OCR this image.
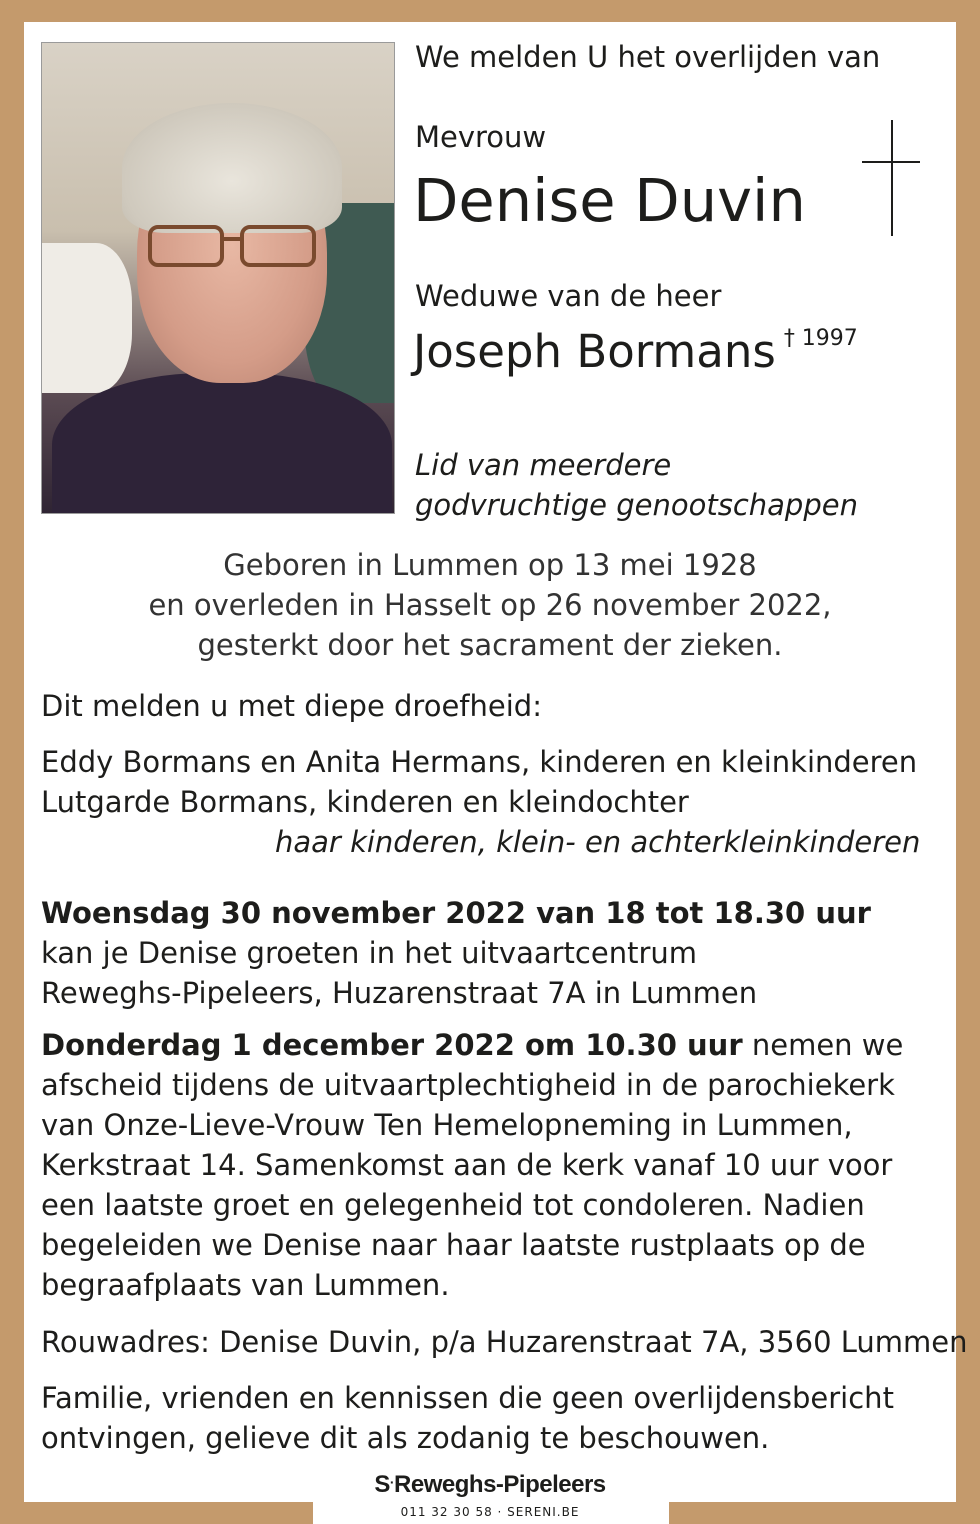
We melden U het overlijden van

Mevrouw

Denise Duvin

Weduwe van de heer

Joseph Bormans $^{\dagger 1997}$

Lid van meerdere
godvruchtige genootschappen
Geboren in Lummen op 13 mei 1928
en overleden in Hasselt op 26 november 2022,
gesterkt door het sacrament der zieken.

Dit melden u met diepe droefheid:

Eddy Bormans en Anita Hermans, kinderen en kleinkinderen

Lutgarde Bormans, kinderen en kleindochter

haar kinderen, klein- en achterkleinkinderen

Woensdag 30 november 2022 van 18 tot 18.30 uur
kan je Denise groeten in het uitvaartcentrum
Reweghs-Pipeleers, Huzarenstraat 7A in Lummen
Donderdag 1 december 2022 om 10.30 uur nemen we
afscheid tijdens de uitvaartplechtigheid in de parochiekerk
van Onze-Lieve-Vrouw Ten Hemelopneming in Lummen,
Kerkstraat 14. Samenkomst aan de kerk vanaf 10 uur voor
een laatste groet en gelegenheid tot condoleren. Nadien
begeleiden we Denise naar haar laatste rustplaats op de
begraafplaats van Lummen.

Rouwadres: Denise Duvin, p/a Huzarenstraat 7A, 3560 Lummen

Familie, vrienden en kennissen die geen overlijdensbericht
ontvingen, gelieve dit als zodanig te beschouwen.
S·Reweghs-Pipeleers
011 32 30 58 · SERENI.BE
